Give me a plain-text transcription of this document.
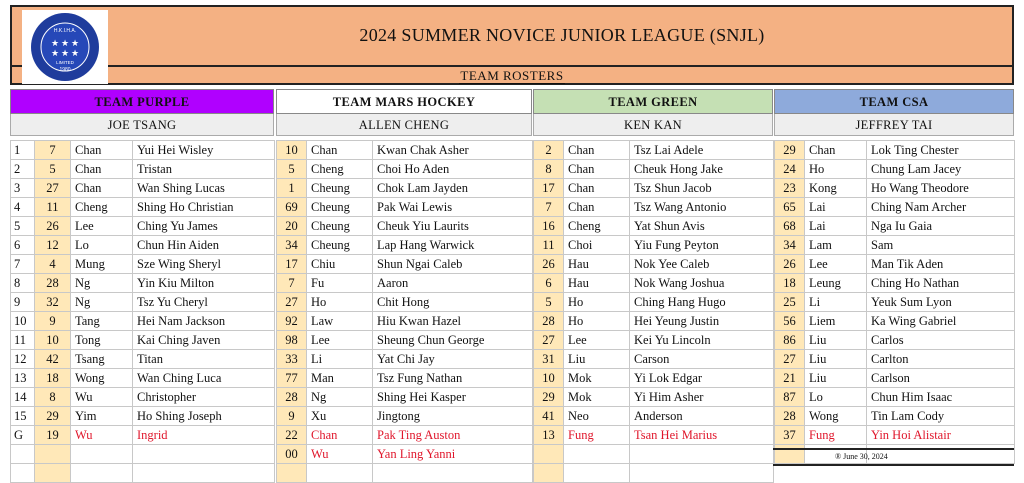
2024 SUMMER NOVICE JUNIOR LEAGUE (SNJL)
TEAM ROSTERS
H.K.I.H.A.
★ ★ ★
★ ★ ★
LIMITED
1980
TEAM PURPLE
JOE TSANG
1	7	Chan	Yui Hei Wisley
2	5	Chan	Tristan
3	27	Chan	Wan Shing Lucas
4	11	Cheng	Shing Ho Christian
5	26	Lee	Ching Yu James
6	12	Lo	Chun Hin Aiden
7	4	Mung	Sze Wing Sheryl
8	28	Ng	Yin Kiu Milton
9	32	Ng	Tsz Yu Cheryl
10	9	Tang	Hei Nam Jackson
11	10	Tong	Kai Ching Javen
12	42	Tsang	Titan
13	18	Wong	Wan Ching Luca
14	8	Wu	Christopher
15	29	Yim	Ho Shing Joseph
G	19	Wu	Ingrid

TEAM MARS HOCKEY
ALLEN CHENG
10	Chan	Kwan Chak Asher
5	Cheng	Choi Ho Aden
1	Cheung	Chok Lam Jayden
69	Cheung	Pak Wai Lewis
20	Cheung	Cheuk Yiu Laurits
34	Cheung	Lap Hang Warwick
17	Chiu	Shun Ngai Caleb
7	Fu	Aaron
27	Ho	Chit Hong
92	Law	Hiu Kwan Hazel
98	Lee	Sheung Chun George
33	Li	Yat Chi Jay
77	Man	Tsz Fung Nathan
28	Ng	Shing Hei Kasper
9	Xu	Jingtong
22	Chan	Pak Ting Auston
00	Wu	Yan Ling Yanni

TEAM GREEN
KEN KAN
2	Chan	Tsz Lai Adele
8	Chan	Cheuk Hong Jake
17	Chan	Tsz Shun Jacob
7	Chan	Tsz Wang Antonio
16	Cheng	Yat Shun Avis
11	Choi	Yiu Fung Peyton
26	Hau	Nok Yee Caleb
6	Hau	Nok Wang Joshua
5	Ho	Ching Hang Hugo
28	Ho	Hei Yeung Justin
27	Lee	Kei Yu Lincoln
31	Liu	Carson
10	Mok	Yi Lok Edgar
29	Mok	Yi Him Asher
41	Neo	Anderson
13	Fung	Tsan Hei Marius

TEAM CSA
JEFFREY TAI
29	Chan	Lok Ting Chester
24	Ho	Chung Lam Jacey
23	Kong	Ho Wang Theodore
65	Lai	Ching Nam Archer
68	Lai	Nga Iu Gaia
34	Lam	Sam
26	Lee	Man Tik Aden
18	Leung	Ching Ho Nathan
25	Li	Yeuk Sum Lyon
56	Liem	Ka Wing Gabriel
86	Liu	Carlos
27	Liu	Carlton
21	Liu	Carlson
87	Lo	Chun Him Isaac
28	Wong	Tin Lam Cody
37	Fung	Yin Hoi Alistair

® June 30, 2024
